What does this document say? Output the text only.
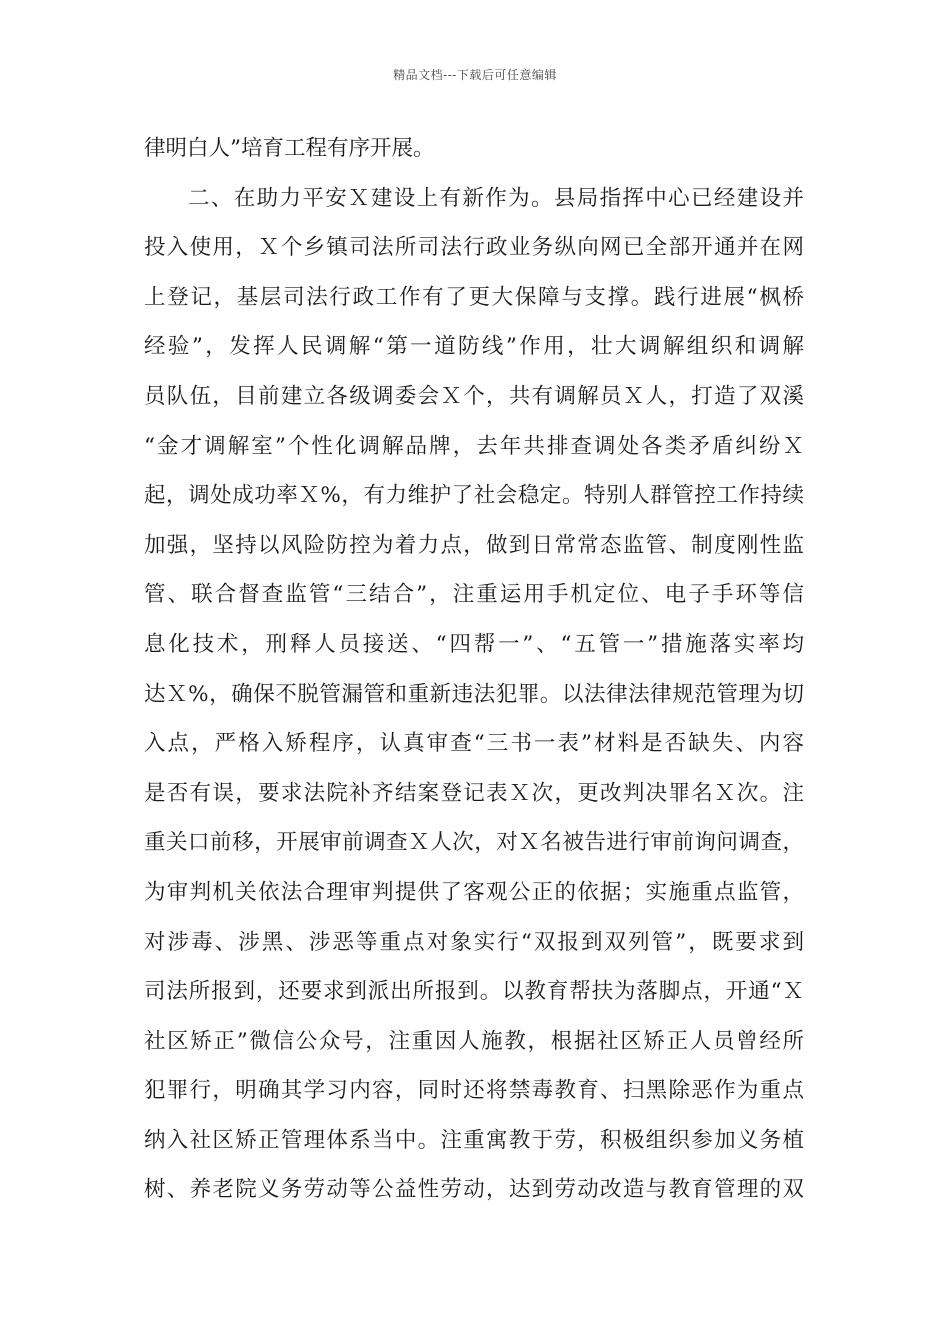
精品文档---下载后可任意编辑
律明白人”培育工程有序开展。
二、在助力平安Ｘ建设上有新作为。县局指挥中心已经建设并
投入使用，Ｘ个乡镇司法所司法行政业务纵向网已全部开通并在网
上登记，基层司法行政工作有了更大保障与支撑。践行进展“枫桥
经验”，发挥人民调解“第一道防线”作用，壮大调解组织和调解
员队伍，目前建立各级调委会Ｘ个，共有调解员Ｘ人，打造了双溪
“金才调解室”个性化调解品牌，去年共排查调处各类矛盾纠纷Ｘ
起，调处成功率Ｘ%，有力维护了社会稳定。特别人群管控工作持续
加强，坚持以风险防控为着力点，做到日常常态监管、制度刚性监
管、联合督查监管“三结合”，注重运用手机定位、电子手环等信
息化技术，刑释人员接送、“四帮一”、“五管一”措施落实率均
达Ｘ%，确保不脱管漏管和重新违法犯罪。以法律法律规范管理为切
入点，严格入矫程序，认真审查“三书一表”材料是否缺失、内容
是否有误，要求法院补齐结案登记表Ｘ次，更改判决罪名Ｘ次。注
重关口前移，开展审前调查Ｘ人次，对Ｘ名被告进行审前询问调查，
为审判机关依法合理审判提供了客观公正的依据；实施重点监管，
对涉毒、涉黑、涉恶等重点对象实行“双报到双列管”，既要求到
司法所报到，还要求到派出所报到。以教育帮扶为落脚点，开通“Ｘ
社区矫正”微信公众号，注重因人施教，根据社区矫正人员曾经所
犯罪行，明确其学习内容，同时还将禁毒教育、扫黑除恶作为重点
纳入社区矫正管理体系当中。注重寓教于劳，积极组织参加义务植
树、养老院义务劳动等公益性劳动，达到劳动改造与教育管理的双
